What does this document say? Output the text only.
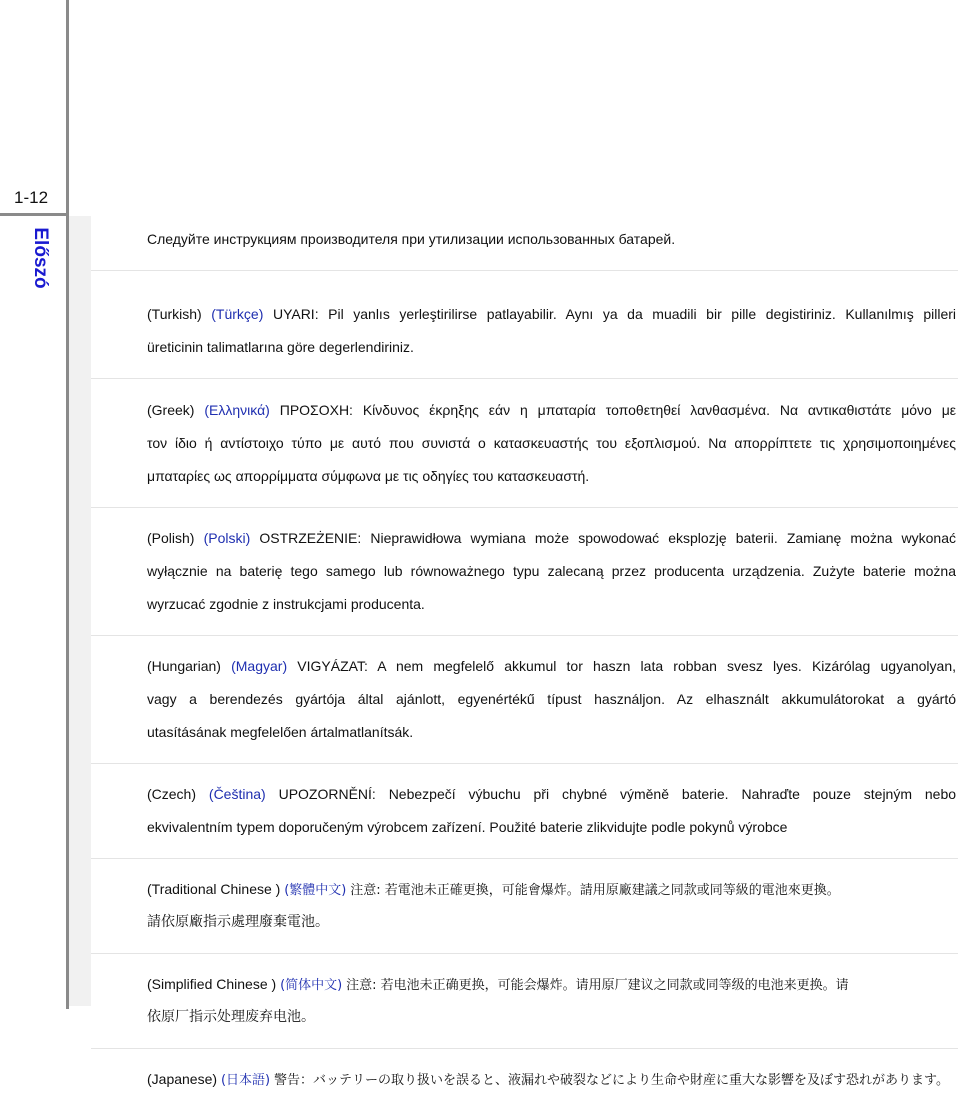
1-12
Előszó	Следуйте инструкциям производителя при утилизации использованных батарей.
(Turkish) (Türkçe) UYARI: Pil yanlıs yerleştirilirse patlayabilir. Aynı ya da muadili bir pille degistiriniz. Kullanılmış pilleri
üreticinin talimatlarına göre degerlendiriniz.
(Greek) (Ελληνικά) ΠΡΟΣΟΧΗ: Κίνδυνος έκρηξης εάν η μπαταρία τοποθετηθεί λανθασμένα. Να αντικαθιστάτε μόνο με
τον ίδιο ή αντίστοιχο τύπο με αυτό που συνιστά ο κατασκευαστής του εξοπλισμού. Να απορρίπτετε τις χρησιμοποιημένες
μπαταρίες ως απορρίμματα σύμφωνα με τις οδηγίες του κατασκευαστή.
(Polish) (Polski) OSTRZEŻENIE: Nieprawidłowa wymiana może spowodować eksplozję baterii. Zamianę można wykonać
wyłącznie na baterię tego samego lub równoważnego typu zalecaną przez producenta urządzenia. Zużyte baterie można
wyrzucać zgodnie z instrukcjami producenta.
(Hungarian) (Magyar) VIGYÁZAT: A nem megfelelő akkumul tor haszn lata robban svesz lyes. Kizárólag ugyanolyan,
vagy a berendezés gyártója által ajánlott, egyenértékű típust használjon. Az elhasznált akkumulátorokat a gyártó
utasításának megfelelően ártalmatlanítsák.
(Czech) (Čeština) UPOZORNĚNÍ: Nebezpečí výbuchu při chybné výměně baterie. Nahraďte pouze stejným nebo
ekvivalentním typem doporučeným výrobcem zařízení. Použité baterie zlikvidujte podle pokynů výrobce
(Traditional Chinese ) (繁體中文) 注意: 若電池未正確更換，可能會爆炸。請用原廠建議之同款或同等級的電池來更換。
請依原廠指示處理廢棄電池。
(Simplified Chinese ) (简体中文) 注意: 若电池未正确更换，可能会爆炸。请用原厂建议之同款或同等级的电池来更换。请
依原厂指示处理废弃电池。
(Japanese) (日本語) 警告：バッテリーの取り扱いを誤ると、液漏れや破裂などにより生命や財産に重大な影響を及ぼす恐れがあります。
